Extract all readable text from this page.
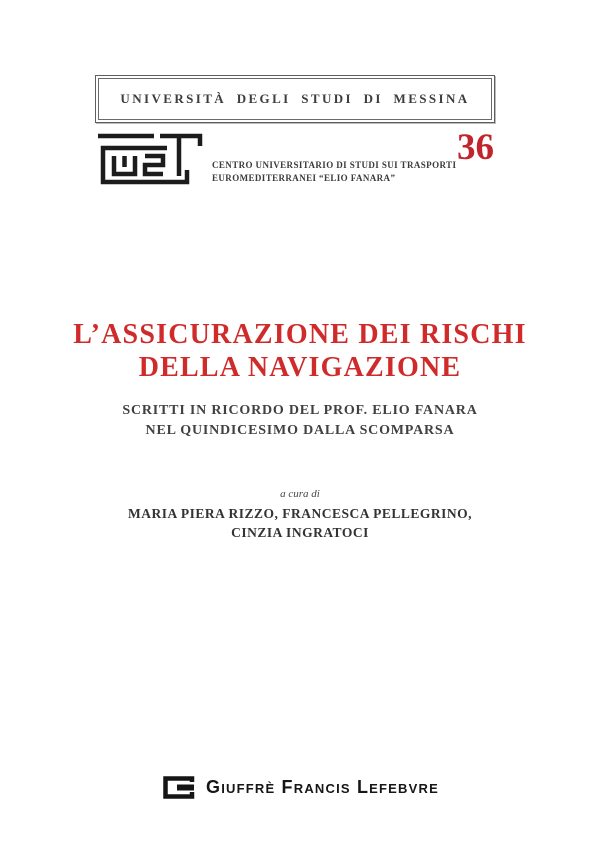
UNIVERSITÀ DEGLI STUDI DI MESSINA
CENTRO UNIVERSITARIO DI STUDI SUI TRASPORTI
EUROMEDITERRANEI “ELIO FANARA”
36
L’ASSICURAZIONE DEI RISCHI
DELLA NAVIGAZIONE
SCRITTI IN RICORDO DEL PROF. ELIO FANARA
NEL QUINDICESIMO DALLA SCOMPARSA
a cura di
MARIA PIERA RIZZO, FRANCESCA PELLEGRINO,
CINZIA INGRATOCI
Giuffrè Francis Lefebvre
